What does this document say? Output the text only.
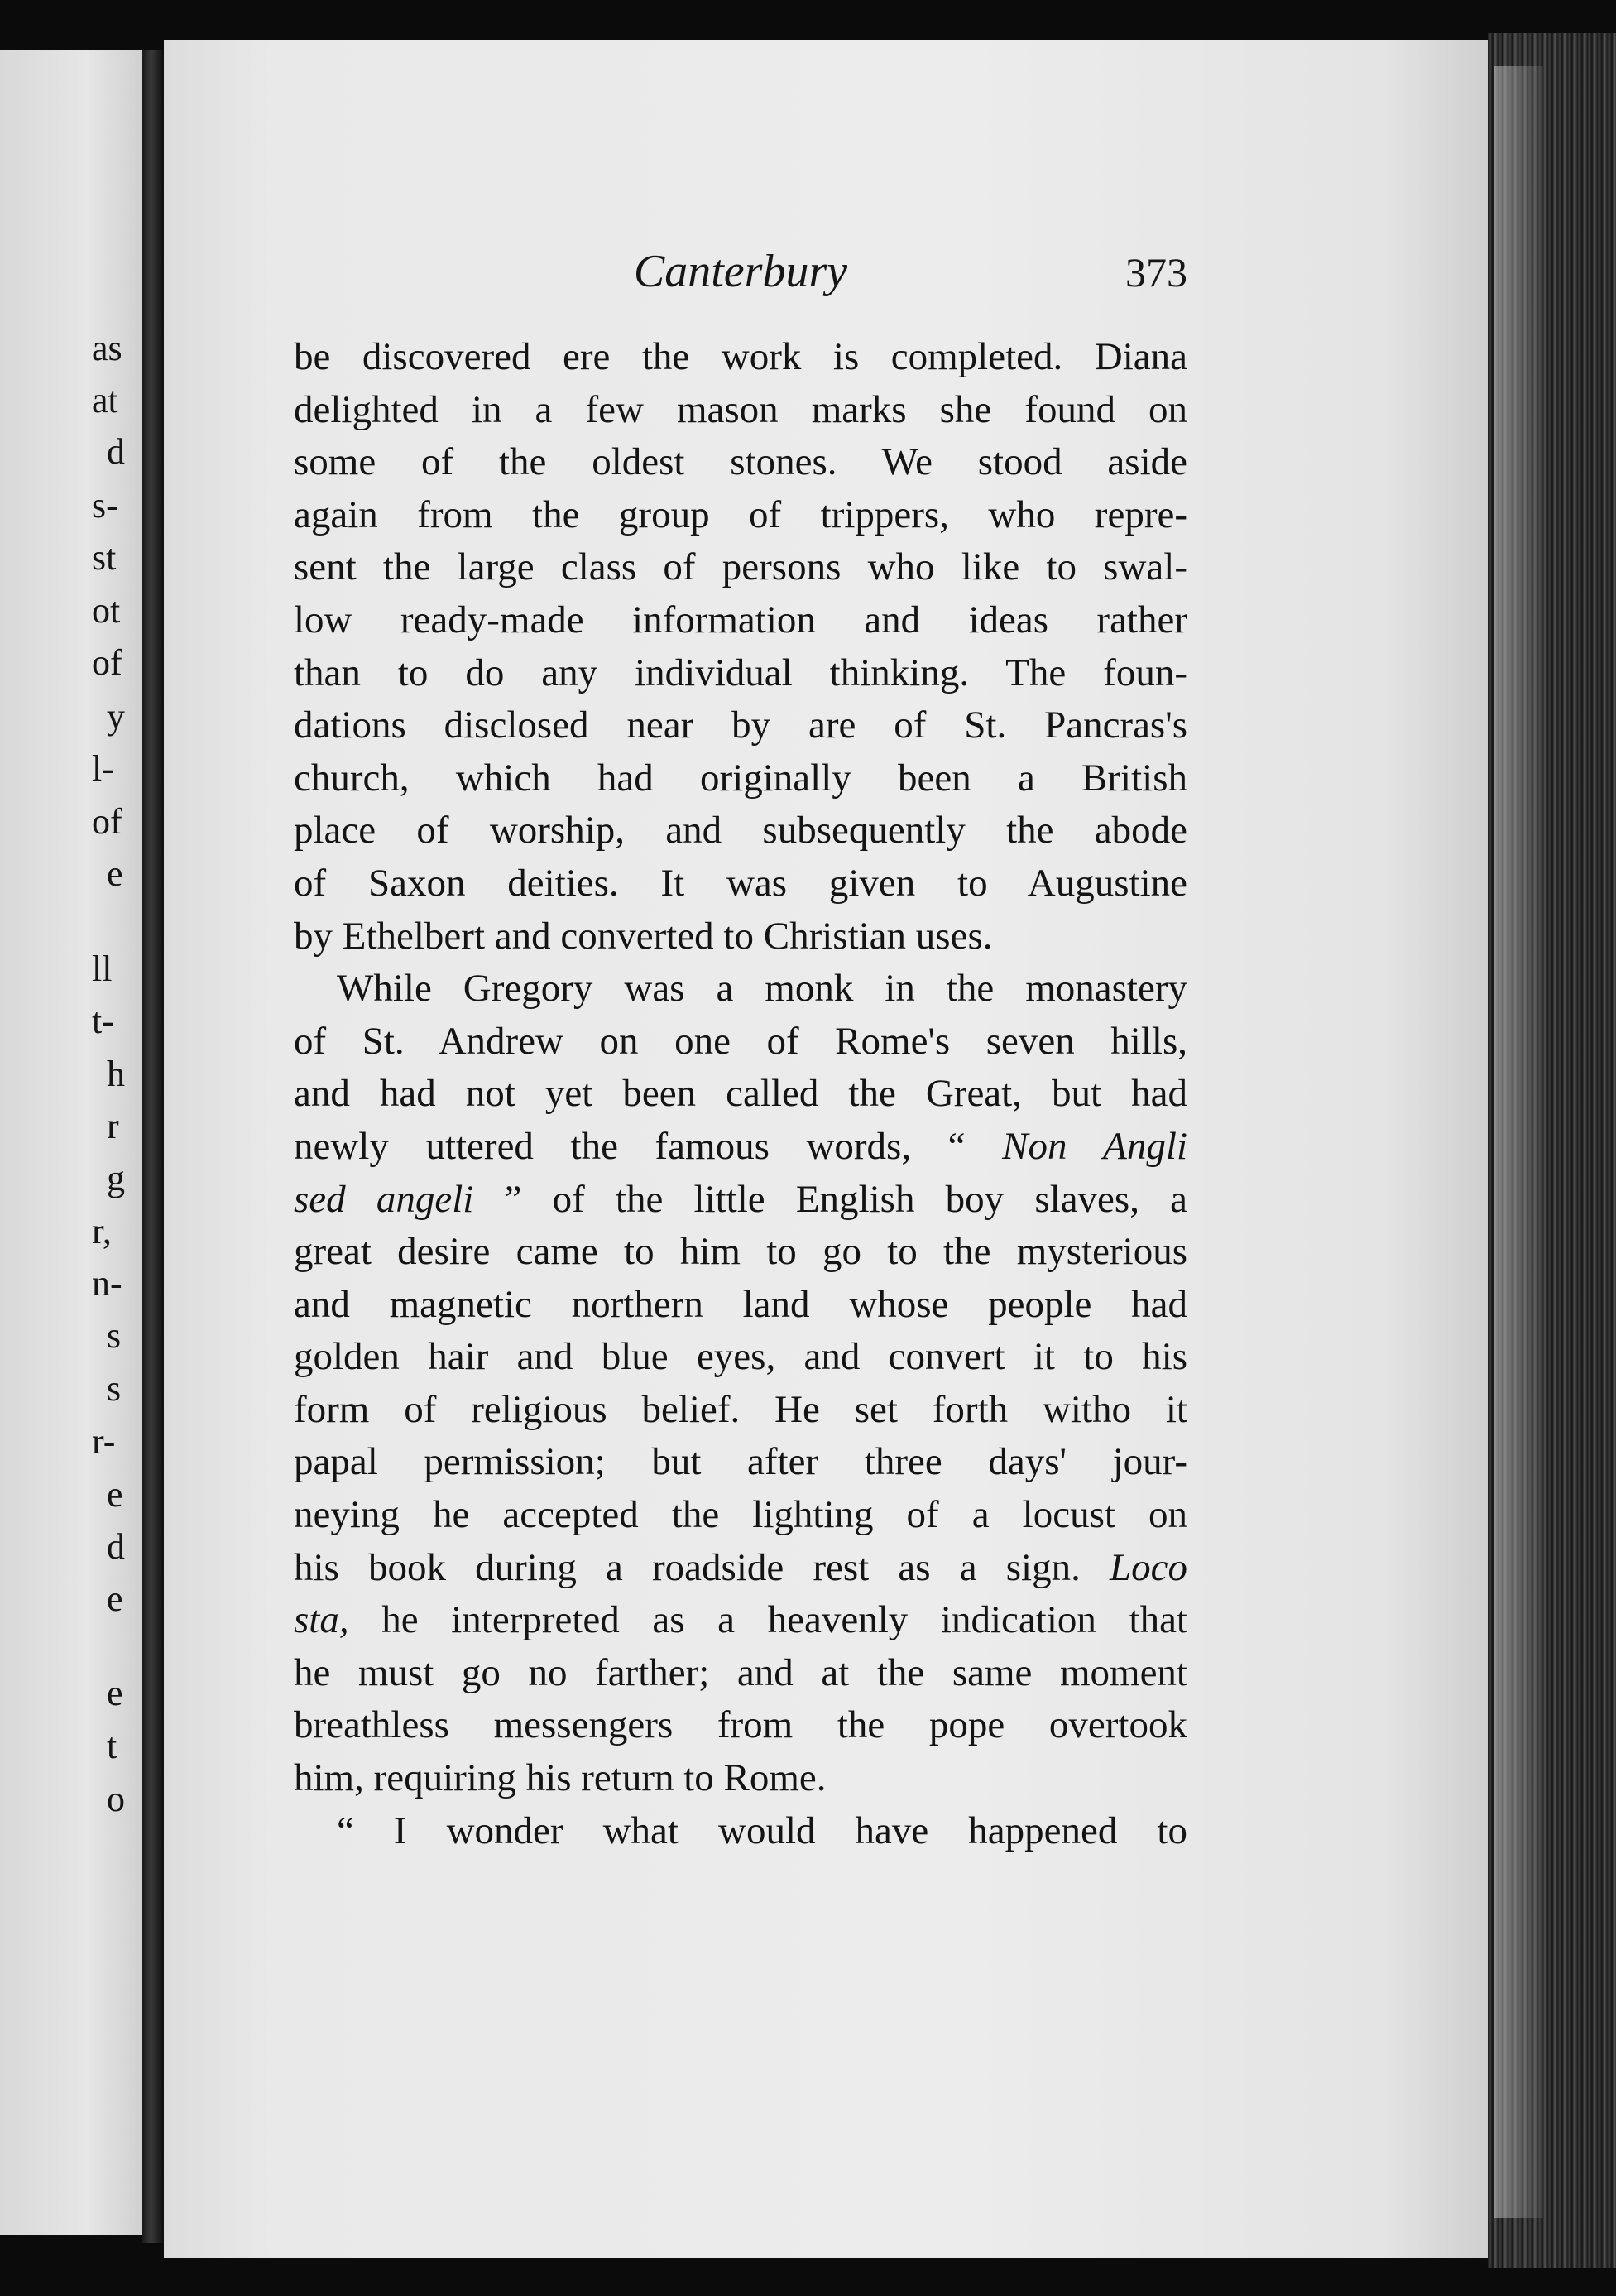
as
at
d
s-
st
ot
of
y
l-
of
e
ll
t-
h
r
g
r,
n-
s
s
r-
e
d
e
e
t
o
Canterbury	373
be discovered ere the work is completed. Diana
delighted in a few mason marks she found on
some of the oldest stones. We stood aside
again from the group of trippers, who repre-
sent the large class of persons who like to swal-
low ready-made information and ideas rather
than to do any individual thinking. The foun-
dations disclosed near by are of St. Pancras's
church, which had originally been a British
place of worship, and subsequently the abode
of Saxon deities. It was given to Augustine
by Ethelbert and converted to Christian uses.
While Gregory was a monk in the monastery
of St. Andrew on one of Rome's seven hills,
and had not yet been called the Great, but had
newly uttered the famous words, “ Non Angli
sed angeli ” of the little English boy slaves, a
great desire came to him to go to the mysterious
and magnetic northern land whose people had
golden hair and blue eyes, and convert it to his
form of religious belief. He set forth witho it
papal permission; but after three days' jour-
neying he accepted the lighting of a locust on
his book during a roadside rest as a sign. Loco
sta, he interpreted as a heavenly indication that
he must go no farther; and at the same moment
breathless messengers from the pope overtook
him, requiring his return to Rome.
“ I wonder what would have happened to
